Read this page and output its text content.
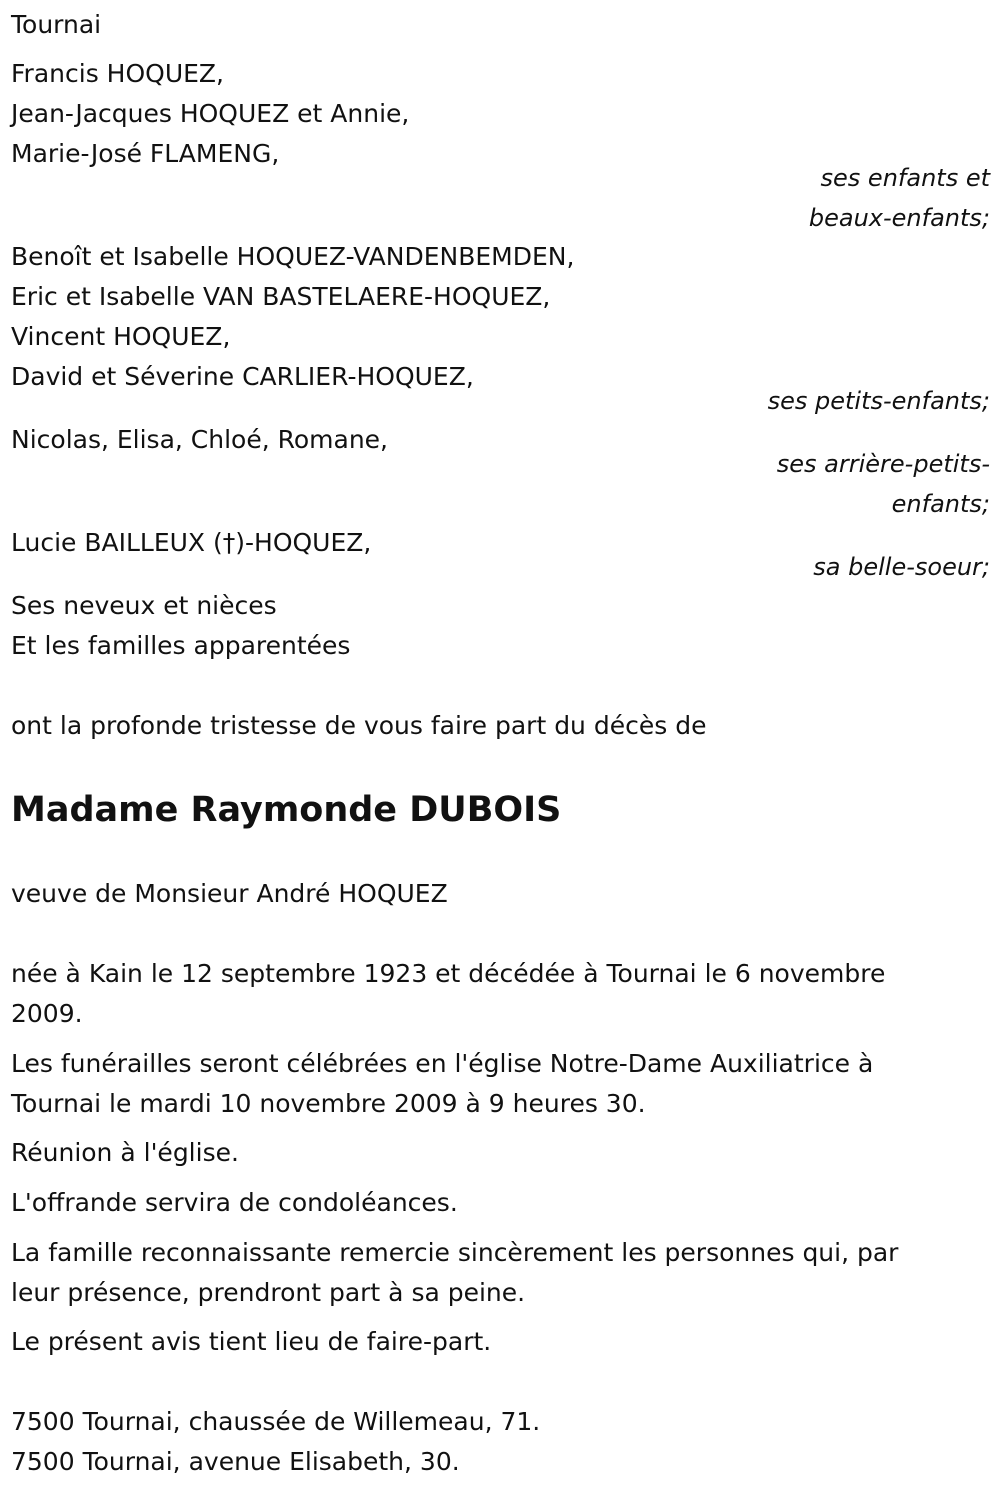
Tournai
Francis HOQUEZ,
Jean-Jacques HOQUEZ et Annie,
Marie-José FLAMENG,
ses enfants et
beaux-enfants;
Benoît et Isabelle HOQUEZ-VANDENBEMDEN,
Eric et Isabelle VAN BASTELAERE-HOQUEZ,
Vincent HOQUEZ,
David et Séverine CARLIER-HOQUEZ,
ses petits-enfants;
Nicolas, Elisa, Chloé, Romane,
ses arrière-petits-
enfants;
Lucie BAILLEUX (†)-HOQUEZ,
sa belle-soeur;
Ses neveux et nièces
Et les familles apparentées
ont la profonde tristesse de vous faire part du décès de
Madame Raymonde DUBOIS
veuve de Monsieur André HOQUEZ
née à Kain le 12 septembre 1923 et décédée à Tournai le 6 novembre
2009.
Les funérailles seront célébrées en l'église Notre-Dame Auxiliatrice à
Tournai le mardi 10 novembre 2009 à 9 heures 30.
Réunion à l'église.
L'offrande servira de condoléances.
La famille reconnaissante remercie sincèrement les personnes qui, par
leur présence, prendront part à sa peine.
Le présent avis tient lieu de faire-part.
7500 Tournai, chaussée de Willemeau, 71.
7500 Tournai, avenue Elisabeth, 30.
